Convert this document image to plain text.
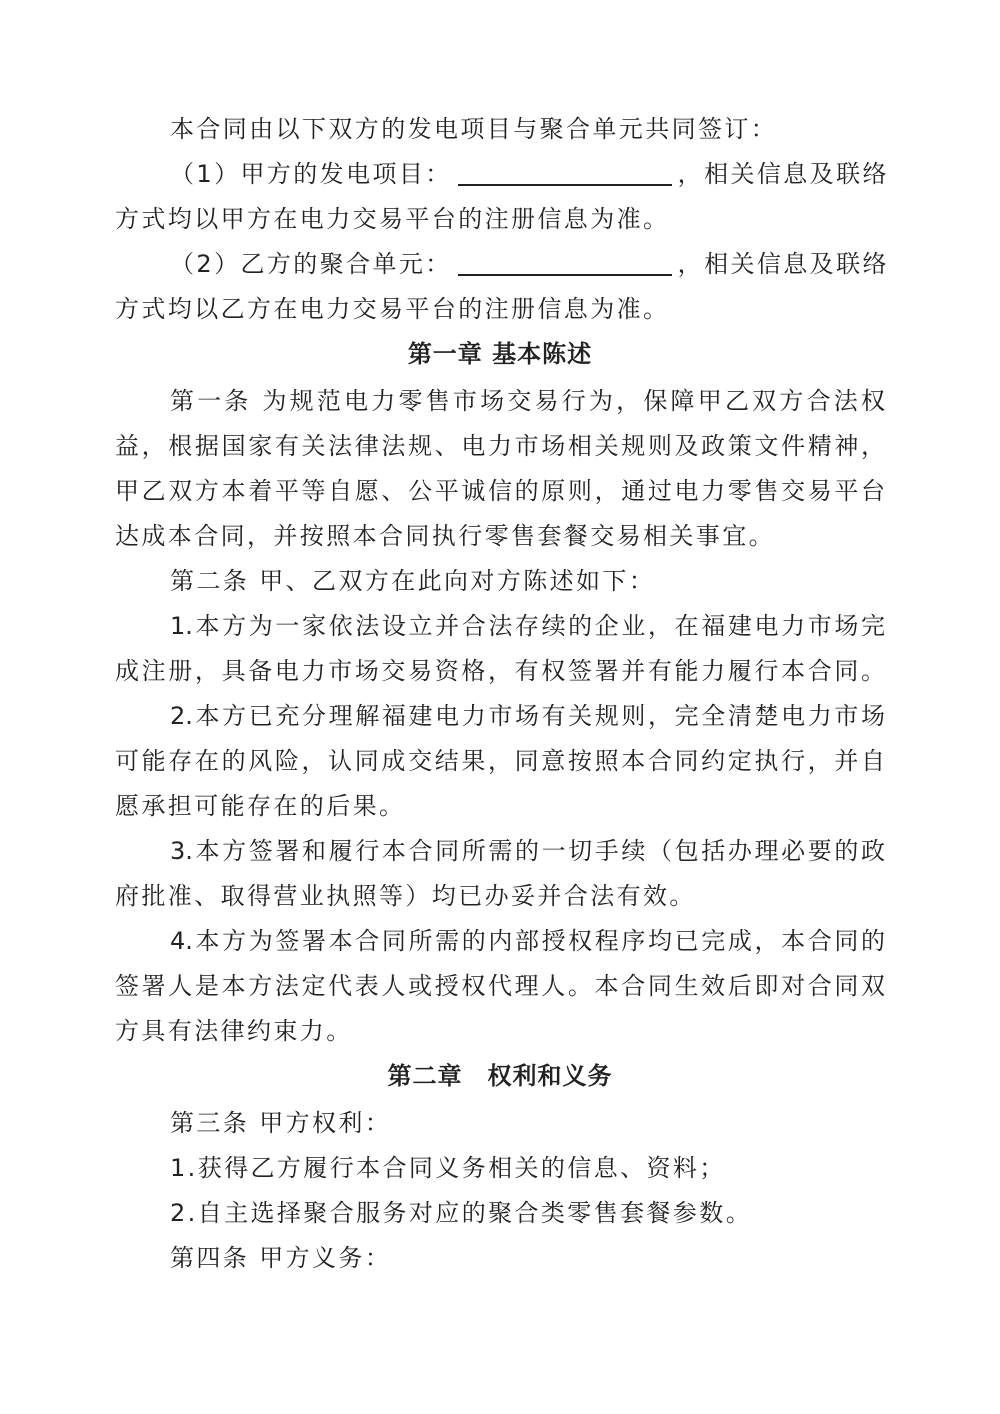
本合同由以下双方的发电项目与聚合单元共同签订：
（1）甲方的发电项目：	，相关信息及联络
方式均以甲方在电力交易平台的注册信息为准。
（2）乙方的聚合单元：	，相关信息及联络
方式均以乙方在电力交易平台的注册信息为准。
第一章 基本陈述
第一条 为规范电力零售市场交易行为，保障甲乙双方合法权
益，根据国家有关法律法规、电力市场相关规则及政策文件精神，
甲乙双方本着平等自愿、公平诚信的原则，通过电力零售交易平台
达成本合同，并按照本合同执行零售套餐交易相关事宜。
第二条 甲、乙双方在此向对方陈述如下：
1.本方为一家依法设立并合法存续的企业，在福建电力市场完
成注册，具备电力市场交易资格，有权签署并有能力履行本合同。
2.本方已充分理解福建电力市场有关规则，完全清楚电力市场
可能存在的风险，认同成交结果，同意按照本合同约定执行，并自
愿承担可能存在的后果。
3.本方签署和履行本合同所需的一切手续（包括办理必要的政
府批准、取得营业执照等）均已办妥并合法有效。
4.本方为签署本合同所需的内部授权程序均已完成，本合同的
签署人是本方法定代表人或授权代理人。本合同生效后即对合同双
方具有法律约束力。
第二章　权利和义务
第三条 甲方权利：
1.获得乙方履行本合同义务相关的信息、资料；
2.自主选择聚合服务对应的聚合类零售套餐参数。
第四条 甲方义务：
